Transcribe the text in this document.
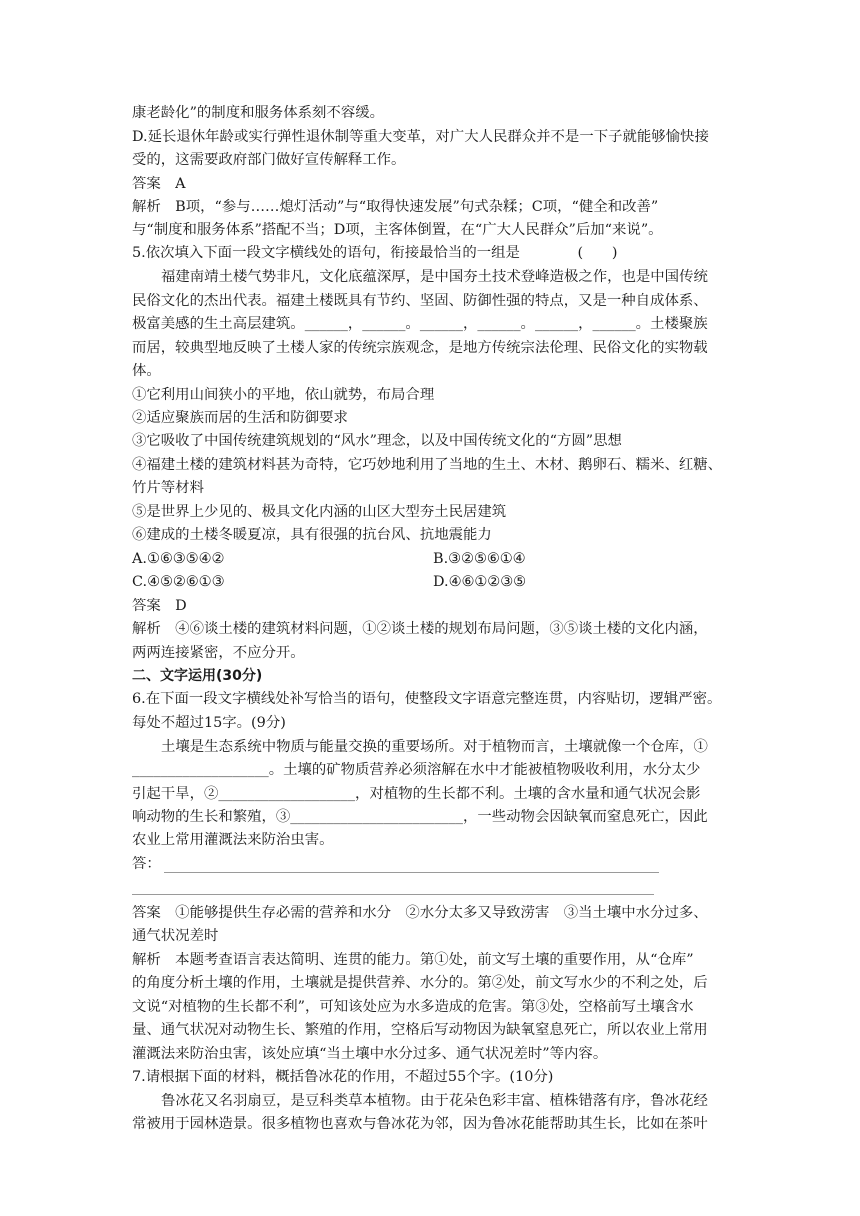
康老龄化”的制度和服务体系刻不容缓。
D.延长退休年龄或实行弹性退休制等重大变革，对广大人民群众并不是一下子就能够愉快接
受的，这需要政府部门做好宣传解释工作。
答案　A
解析　B项，“参与……熄灯活动”与“取得快速发展”句式杂糅；C项，“健全和改善”
与“制度和服务体系”搭配不当；D项，主客体倒置，在“广大人民群众”后加“来说”。
5.依次填入下面一段文字横线处的语句，衔接最恰当的一组是　　　　(　　)
福建南靖土楼气势非凡，文化底蕴深厚，是中国夯土技术登峰造极之作，也是中国传统
民俗文化的杰出代表。福建土楼既具有节约、坚固、防御性强的特点，又是一种自成体系、
极富美感的生土高层建筑。______，______。______，______。______，______。土楼聚族
而居，较典型地反映了土楼人家的传统宗族观念，是地方传统宗法伦理、民俗文化的实物载
体。
①它利用山间狭小的平地，依山就势，布局合理
②适应聚族而居的生活和防御要求
③它吸收了中国传统建筑规划的“风水”理念，以及中国传统文化的“方圆”思想
④福建土楼的建筑材料甚为奇特，它巧妙地利用了当地的生土、木材、鹅卵石、糯米、红糖、
竹片等材料
⑤是世界上少见的、极具文化内涵的山区大型夯土民居建筑
⑥建成的土楼冬暖夏凉，具有很强的抗台风、抗地震能力
A.①⑥③⑤④②	B.③②⑤⑥①④
C.④⑤②⑥①③	D.④⑥①②③⑤
答案　D
解析　④⑥谈土楼的建筑材料问题，①②谈土楼的规划布局问题，③⑤谈土楼的文化内涵，
两两连接紧密，不应分开。
二、文字运用(30分)
6.在下面一段文字横线处补写恰当的语句，使整段文字语意完整连贯，内容贴切，逻辑严密。
每处不超过15字。(9分)
土壤是生态系统中物质与能量交换的重要场所。对于植物而言，土壤就像一个仓库，①
___________________。土壤的矿物质营养必须溶解在水中才能被植物吸收利用，水分太少
引起干旱，②___________________，对植物的生长都不利。土壤的含水量和通气状况会影
响动物的生长和繁殖，③________________________，一些动物会因缺氧而窒息死亡，因此
农业上常用灌溉法来防治虫害。
答：
答案　①能够提供生存必需的营养和水分　②水分太多又导致涝害　③当土壤中水分过多、
通气状况差时
解析　本题考查语言表达简明、连贯的能力。第①处，前文写土壤的重要作用，从“仓库”
的角度分析土壤的作用，土壤就是提供营养、水分的。第②处，前文写水少的不利之处，后
文说“对植物的生长都不利”，可知该处应为水多造成的危害。第③处，空格前写土壤含水
量、通气状况对动物生长、繁殖的作用，空格后写动物因为缺氧窒息死亡，所以农业上常用
灌溉法来防治虫害，该处应填“当土壤中水分过多、通气状况差时”等内容。
7.请根据下面的材料，概括鲁冰花的作用，不超过55个字。(10分)
鲁冰花又名羽扇豆，是豆科类草本植物。由于花朵色彩丰富、植株错落有序，鲁冰花经
常被用于园林造景。很多植物也喜欢与鲁冰花为邻，因为鲁冰花能帮助其生长，比如在茶叶
